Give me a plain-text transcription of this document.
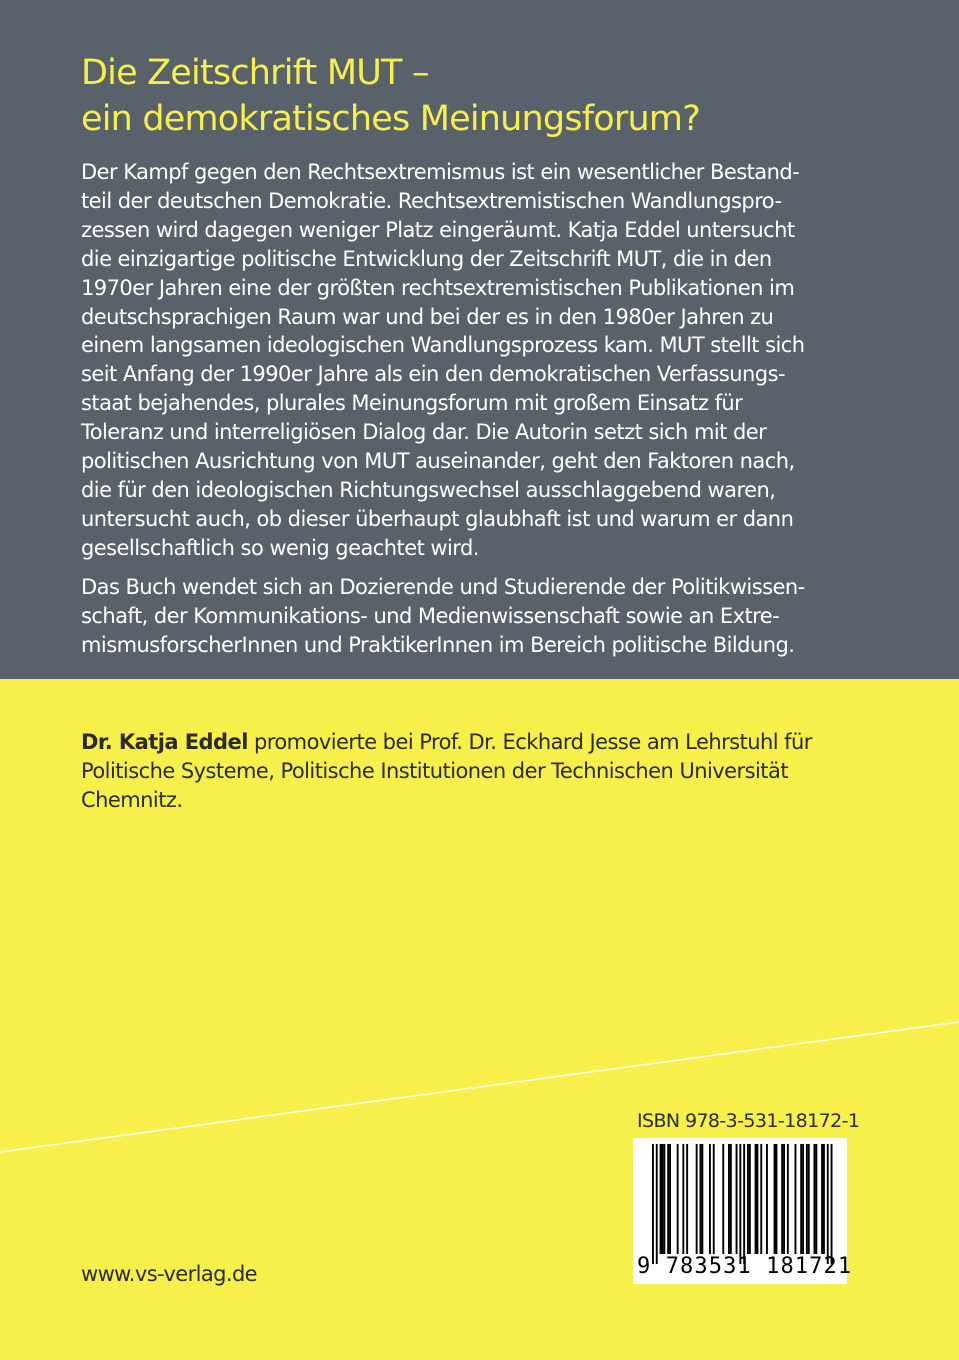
Die Zeitschrift MUT –
ein demokratisches Meinungsforum?

Der Kampf gegen den Rechtsextremismus ist ein wesentlicher Bestand-
teil der deutschen Demokratie. Rechtsextremistischen Wandlungspro-
zessen wird dagegen weniger Platz eingeräumt. Katja Eddel untersucht
die einzigartige politische Entwicklung der Zeitschrift MUT, die in den
1970er Jahren eine der größten rechtsextremistischen Publikationen im
deutschsprachigen Raum war und bei der es in den 1980er Jahren zu
einem langsamen ideologischen Wandlungsprozess kam. MUT stellt sich
seit Anfang der 1990er Jahre als ein den demokratischen Verfassungs-
staat bejahendes, plurales Meinungsforum mit großem Einsatz für
Toleranz und interreligiösen Dialog dar. Die Autorin setzt sich mit der
politischen Ausrichtung von MUT auseinander, geht den Faktoren nach,
die für den ideologischen Richtungswechsel ausschlaggebend waren,
untersucht auch, ob dieser überhaupt glaubhaft ist und warum er dann
gesellschaftlich so wenig geachtet wird.

Das Buch wendet sich an Dozierende und Studierende der Politikwissen-
schaft, der Kommunikations- und Medienwissenschaft sowie an Extre-
mismusforscherInnen und PraktikerInnen im Bereich politische Bildung.

Dr. Katja Eddel promovierte bei Prof. Dr. Eckhard Jesse am Lehrstuhl für
Politische Systeme, Politische Institutionen der Technischen Universität
Chemnitz.

ISBN 978-3-531-18172-1

9 783531 181721

www.vs-verlag.de
